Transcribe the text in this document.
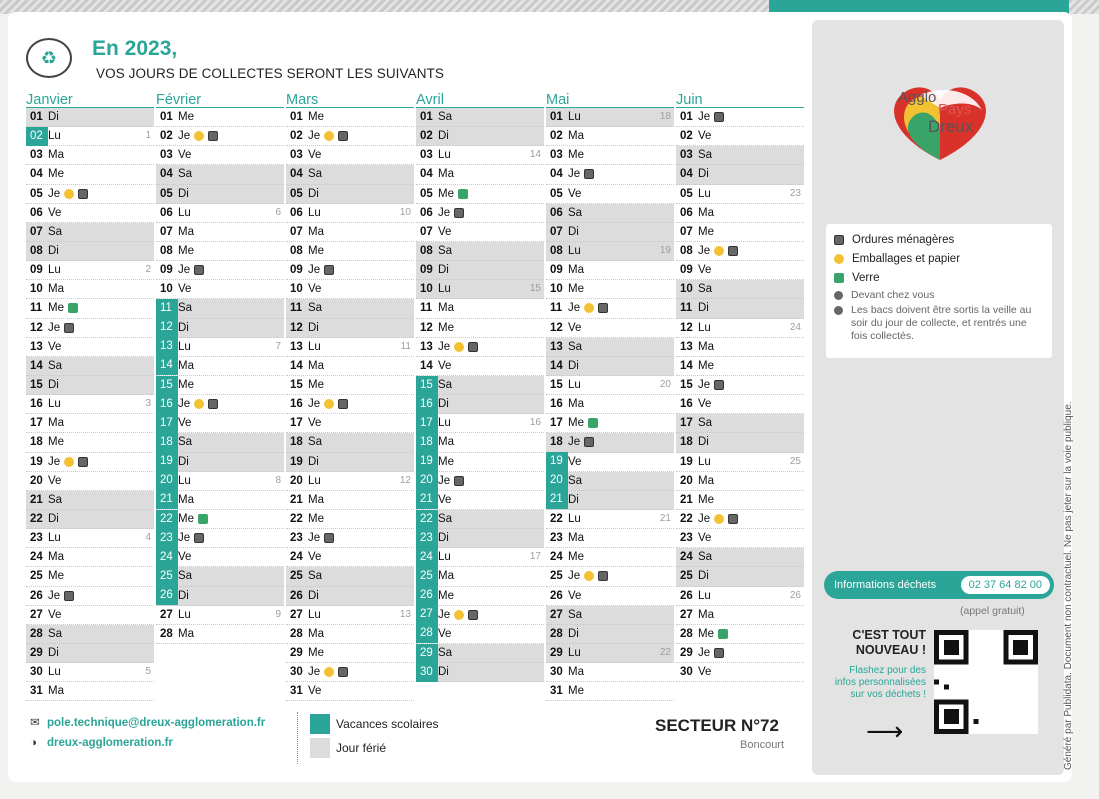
♻	En 2023,
VOS JOURS DE COLLECTES SERONT LES SUIVANTS
Janvier
01 Di
02 Lu	1
03 Ma
04 Me
05 Je
06 Ve
07 Sa
08 Di
09 Lu	2
10 Ma
11 Me
12 Je
13 Ve
14 Sa
15 Di
16 Lu	3
17 Ma
18 Me
19 Je
20 Ve
21 Sa
22 Di
23 Lu	4
24 Ma
25 Me
26 Je
27 Ve
28 Sa
29 Di
30 Lu	5
31 Ma
Février
01 Me
02 Je
03 Ve
04 Sa
05 Di
06 Lu	6
07 Ma
08 Me
09 Je
10 Ve
11 Sa
12 Di
13 Lu	7
14 Ma
15 Me
16 Je
17 Ve
18 Sa
19 Di
20 Lu	8
21 Ma
22 Me
23 Je
24 Ve
25 Sa
26 Di
27 Lu	9
28 Ma
Mars
01 Me
02 Je
03 Ve
04 Sa
05 Di
06 Lu	10
07 Ma
08 Me
09 Je
10 Ve
11 Sa
12 Di
13 Lu	11
14 Ma
15 Me
16 Je
17 Ve
18 Sa
19 Di
20 Lu	12
21 Ma
22 Me
23 Je
24 Ve
25 Sa
26 Di
27 Lu	13
28 Ma
29 Me
30 Je
31 Ve
Avril
01 Sa
02 Di
03 Lu	14
04 Ma
05 Me
06 Je
07 Ve
08 Sa
09 Di
10 Lu	15
11 Ma
12 Me
13 Je
14 Ve
15 Sa
16 Di
17 Lu	16
18 Ma
19 Me
20 Je
21 Ve
22 Sa
23 Di
24 Lu	17
25 Ma
26 Me
27 Je
28 Ve
29 Sa
30 Di
Mai
01 Lu	18
02 Ma
03 Me
04 Je
05 Ve
06 Sa
07 Di
08 Lu	19
09 Ma
10 Me
11 Je
12 Ve
13 Sa
14 Di
15 Lu	20
16 Ma
17 Me
18 Je
19 Ve
20 Sa
21 Di
22 Lu	21
23 Ma
24 Me
25 Je
26 Ve
27 Sa
28 Di
29 Lu	22
30 Ma
31 Me
Juin
01 Je
02 Ve
03 Sa
04 Di
05 Lu	23
06 Ma
07 Me
08 Je
09 Ve
10 Sa
11 Di
12 Lu	24
13 Ma
14 Me
15 Je
16 Ve
17 Sa
18 Di
19 Lu	25
20 Ma
21 Me
22 Je
23 Ve
24 Sa
25 Di
26 Lu	26
27 Ma
28 Me
29 Je
30 Ve
Agglo
Pays
Dreux
Ordures ménagères
Emballages et papier
Verre
Devant chez vous
Les bacs doivent être sortis la veille au soir du jour de collecte, et rentrés une fois collectés.
Informations déchets	02 37 64 82 00
(appel gratuit)
C'EST TOUT NOUVEAU !
Flashez pour des infos personnalisées sur vos déchets !
⟶	Généré par Publidata. Document non contractuel. Ne pas jeter sur la voie publique.
✉ pole.technique@dreux-agglomeration.fr
◑ dreux-agglomeration.fr
Vacances scolaires
Jour férié
SECTEUR N°72
Boncourt
